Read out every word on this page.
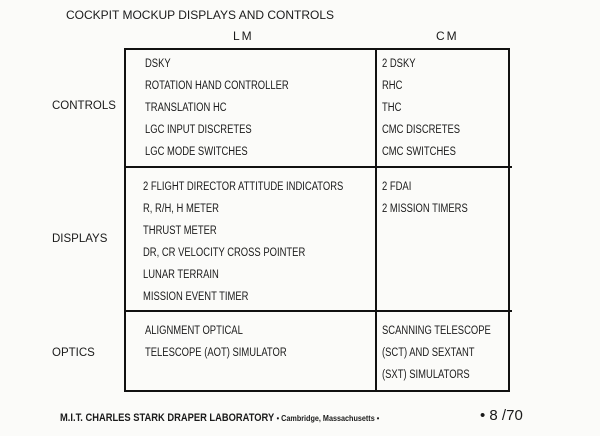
COCKPIT MOCKUP DISPLAYS AND CONTROLS
LM	CM
CONTROLS
DISPLAYS
OPTICS
DSKY
ROTATION HAND CONTROLLER
TRANSLATION HC
LGC INPUT DISCRETES
LGC MODE SWITCHES
2 DSKY
RHC
THC
CMC DISCRETES
CMC SWITCHES
2 FLIGHT DIRECTOR ATTITUDE INDICATORS
R, R/H, H METER
THRUST METER
DR, CR VELOCITY CROSS POINTER
LUNAR TERRAIN
MISSION EVENT TIMER
2 FDAI
2 MISSION TIMERS
ALIGNMENT OPTICAL
TELESCOPE (AOT) SIMULATOR
SCANNING TELESCOPE
(SCT) AND SEXTANT
(SXT) SIMULATORS
M.I.T. CHARLES STARK DRAPER LABORATORY • Cambridge, Massachusetts •	• 8 /70
